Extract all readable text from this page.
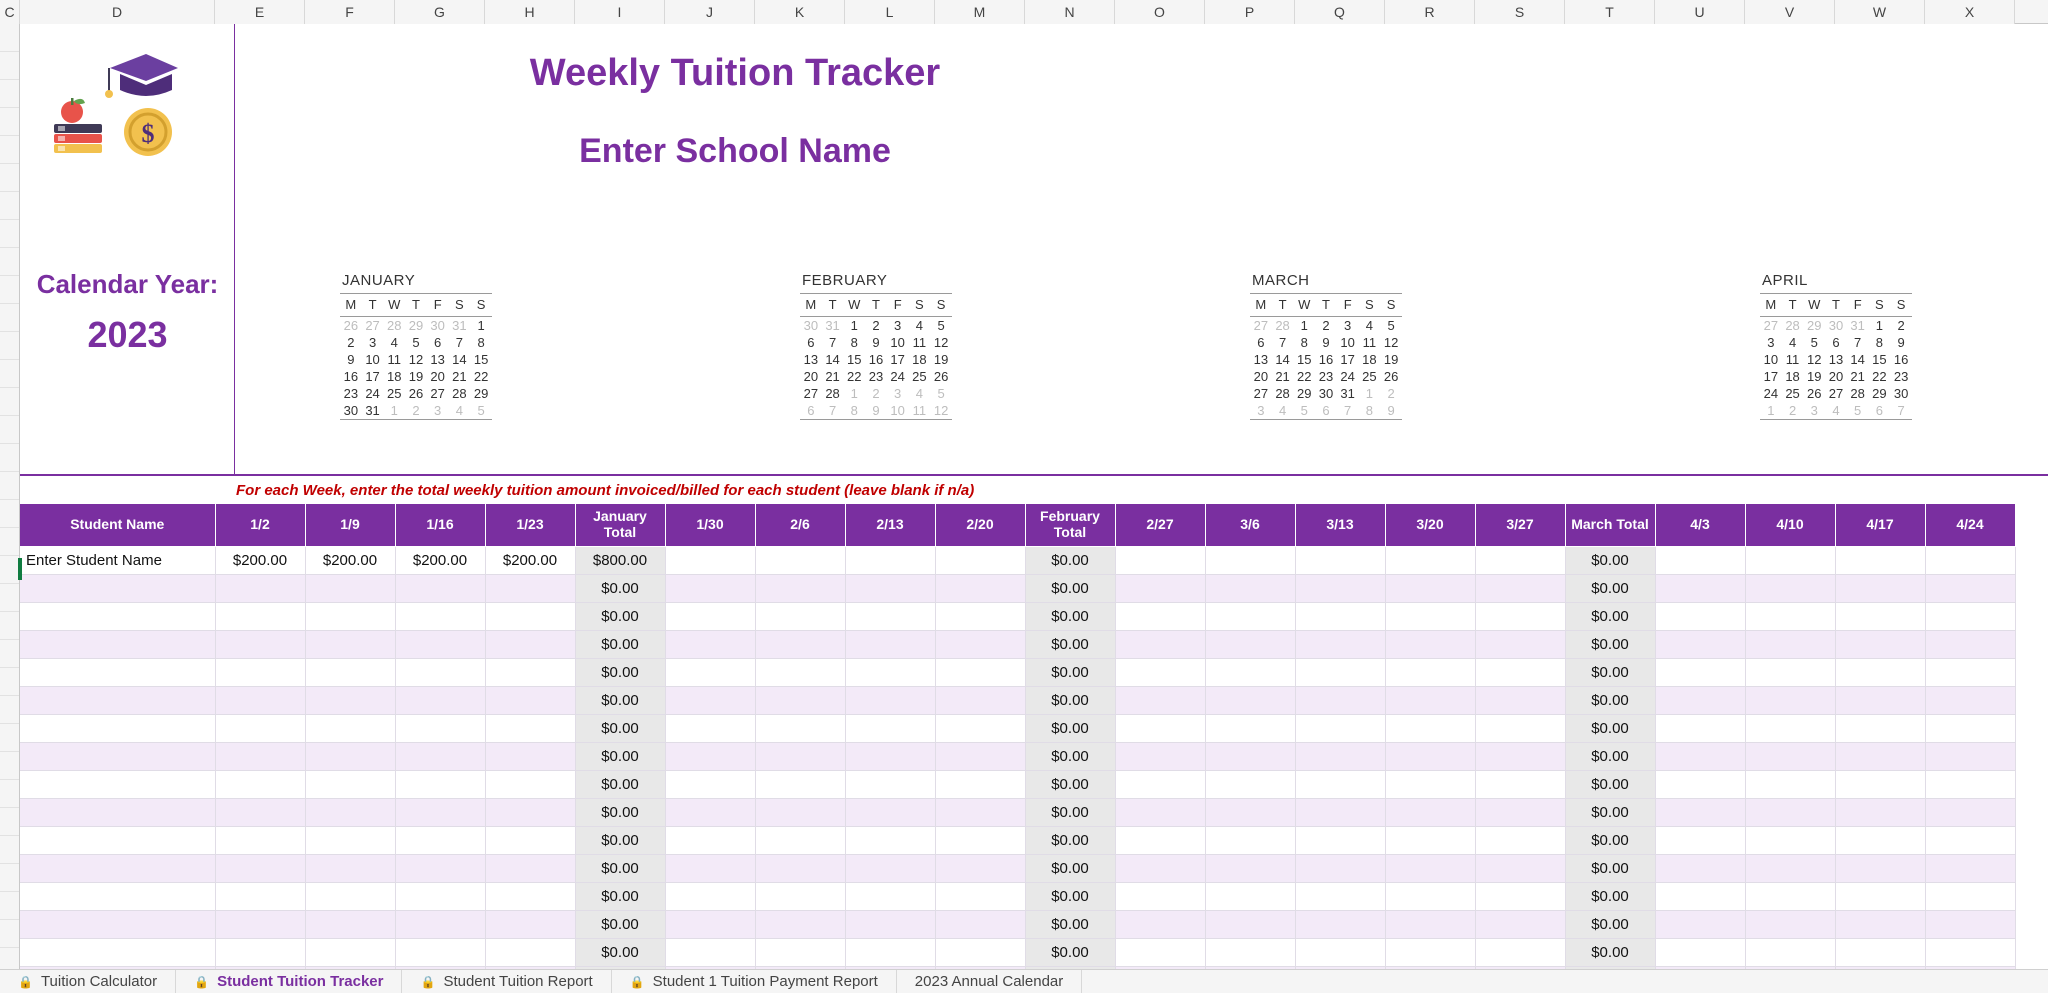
C	D	E	F	G	H	I	J	K	L	M	N	O	P	Q	R	S	T	U	V	W	X
$
Calendar Year:
2023
Weekly Tuition Tracker
Enter School Name
JANUARY
M	T	W	T	F	S	S
26	27	28	29	30	31	1
2	3	4	5	6	7	8
9	10	11	12	13	14	15
16	17	18	19	20	21	22
23	24	25	26	27	28	29
30	31	1	2	3	4	5
FEBRUARY
M	T	W	T	F	S	S
30	31	1	2	3	4	5
6	7	8	9	10	11	12
13	14	15	16	17	18	19
20	21	22	23	24	25	26
27	28	1	2	3	4	5
6	7	8	9	10	11	12
MARCH
M	T	W	T	F	S	S
27	28	1	2	3	4	5
6	7	8	9	10	11	12
13	14	15	16	17	18	19
20	21	22	23	24	25	26
27	28	29	30	31	1	2
3	4	5	6	7	8	9
APRIL
M	T	W	T	F	S	S
27	28	29	30	31	1	2
3	4	5	6	7	8	9
10	11	12	13	14	15	16
17	18	19	20	21	22	23
24	25	26	27	28	29	30
1	2	3	4	5	6	7
For each Week, enter the total weekly tuition amount invoiced/billed for each student (leave blank if n/a)
Student Name	1/2	1/9	1/16	1/23	January Total	1/30	2/6	2/13	2/20	February Total	2/27	3/6	3/13	3/20	3/27	March Total	4/3	4/10	4/17	4/24
Enter Student Name	$200.00	$200.00	$200.00	$200.00	$800.00					$0.00						$0.00				
					$0.00					$0.00						$0.00				
					$0.00					$0.00						$0.00				
					$0.00					$0.00						$0.00				
					$0.00					$0.00						$0.00				
					$0.00					$0.00						$0.00				
					$0.00					$0.00						$0.00				
					$0.00					$0.00						$0.00				
					$0.00					$0.00						$0.00				
					$0.00					$0.00						$0.00				
					$0.00					$0.00						$0.00				
					$0.00					$0.00						$0.00				
					$0.00					$0.00						$0.00				
					$0.00					$0.00						$0.00				
					$0.00					$0.00						$0.00				

🔒 Tuition Calculator	🔒 Student Tuition Tracker	🔒 Student Tuition Report	🔒 Student 1 Tuition Payment Report 2023 Annual Calendar
